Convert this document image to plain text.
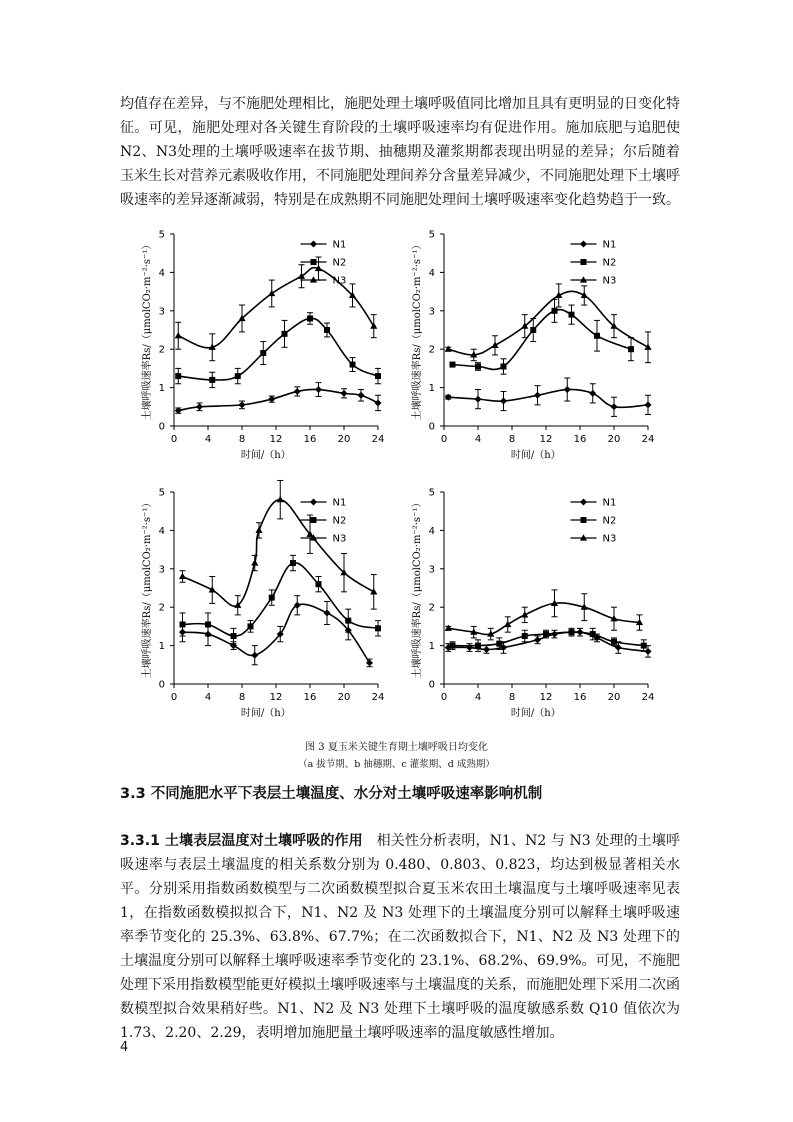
均值存在差异，与不施肥处理相比，施肥处理土壤呼吸值同比增加且具有更明显的日变化特征。可见，施肥处理对各关键生育阶段的土壤呼吸速率均有促进作用。施加底肥与追肥使N2、N3处理的土壤呼吸速率在拔节期、抽穗期及灌浆期都表现出明显的差异；尔后随着玉米生长对营养元素吸收作用，不同施肥处理间养分含量差异减少，不同施肥处理下土壤呼吸速率的差异逐渐减弱，特别是在成熟期不同施肥处理间土壤呼吸速率变化趋势趋于一致。

0
1
2
3
4
5
0	4	8 12 16 20 24
时间/（h）
土壤呼吸速率Rs/（μmolCO₂·m⁻²·s⁻¹）	N1
N2
N3
0
1
2
3
4
5
0	4	8 12 16 20 24
时间/（h）
土壤呼吸速率Rs/（μmolCO₂·m⁻²·s⁻¹）	N1
N2
N3
0
1
2
3
4
5
0	4	8 12 16 20 24
时间/（h）
土壤呼吸速率Rs/（μmolCO₂·m⁻²·s⁻¹）	N1
N2
N3
0
1
2
3
4
5
0	4	8 12 16 20 24
时间/（h）
土壤呼吸速率Rs/（μmolCO₂·m⁻²·s⁻¹）	N1
N2
N3
图 3 夏玉米关键生育期土壤呼吸日均变化
（a 拔节期、b 抽穗期、c 灌浆期、d 成熟期）
3.3 不同施肥水平下表层土壤温度、水分对土壤呼吸速率影响机制

3.3.1 土壤表层温度对土壤呼吸的作用 相关性分析表明，N1、N2 与 N3 处理的土壤呼吸速率与表层土壤温度的相关系数分别为 0.480、0.803、0.823，均达到极显著相关水平。分别采用指数函数模型与二次函数模型拟合夏玉米农田土壤温度与土壤呼吸速率见表 1，在指数函数模拟拟合下，N1、N2 及 N3 处理下的土壤温度分别可以解释土壤呼吸速率季节变化的 25.3%、63.8%、67.7%；在二次函数拟合下，N1、N2 及 N3 处理下的土壤温度分别可以解释土壤呼吸速率季节变化的 23.1%、68.2%、69.9%。可见，不施肥处理下采用指数模型能更好模拟土壤呼吸速率与土壤温度的关系，而施肥处理下采用二次函数模型拟合效果稍好些。N1、N2 及 N3 处理下土壤呼吸的温度敏感系数 Q10 值依次为 1.73、2.20、2.29，表明增加施肥量土壤呼吸速率的温度敏感性增加。

4
